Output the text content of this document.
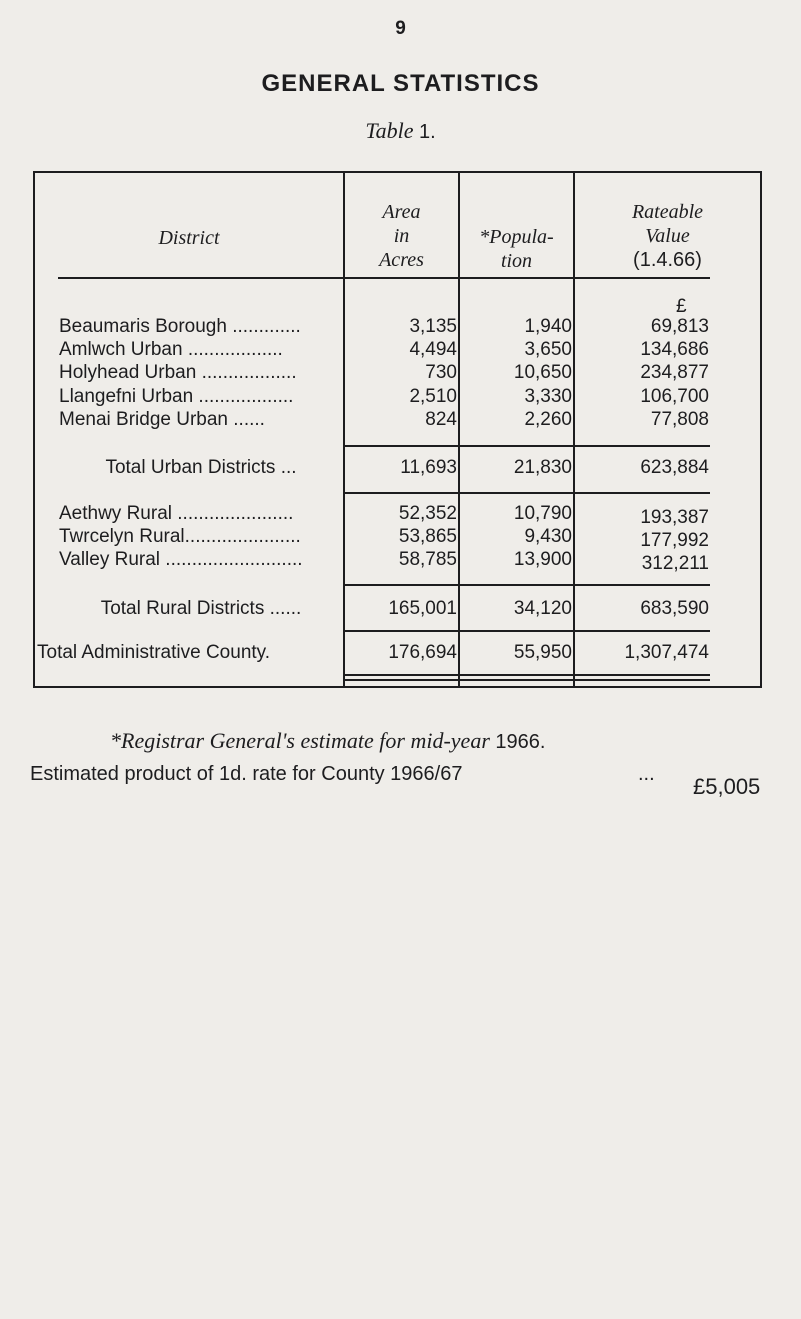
9
GENERAL STATISTICS
Table 1.
District
Area
in
Acres
*Popula-
tion
Rateable
Value
(1.4.66)
£
Beaumaris Borough .............	3,135	1,940	69,813
Amlwch Urban ..................	4,494	3,650	134,686
Holyhead Urban ..................	730	10,650	234,877
Llangefni Urban ..................	2,510	3,330	106,700
Menai Bridge Urban ......	824	2,260	77,808
Total Urban Districts ...	11,693	21,830	623,884
Aethwy Rural ......................	52,352	10,790	193,387
Twrcelyn Rural......................	53,865	9,430	177,992
Valley Rural ..........................	58,785	13,900	312,211
Total Rural Districts ......	165,001	34,120	683,590
Total Administrative County.	176,694	55,950	1,307,474
*Registrar General's estimate for mid-year 1966.
Estimated product of 1d. rate for County 1966/67	... £5,005
